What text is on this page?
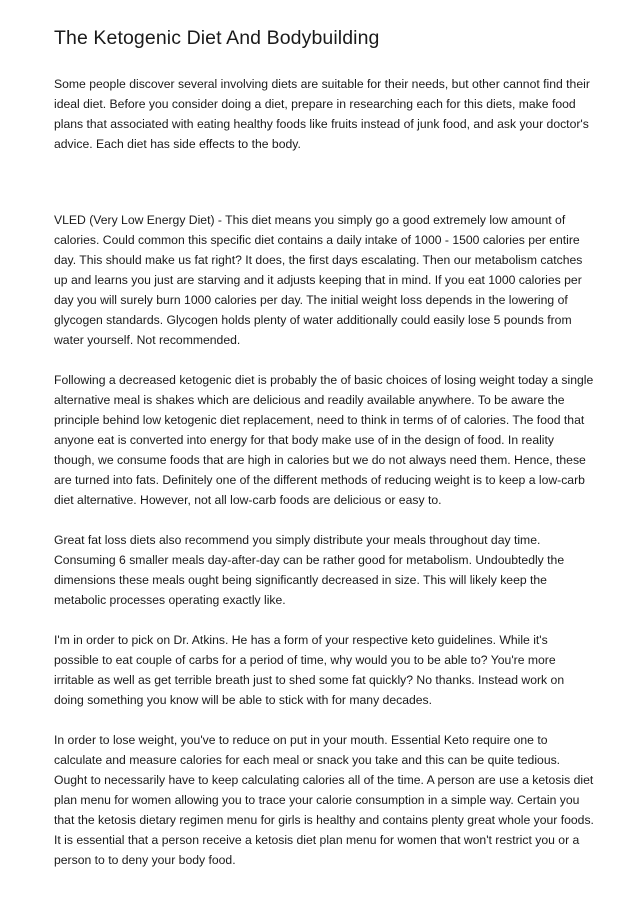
The Ketogenic Diet And Bodybuilding

Some people discover several involving diets are suitable for their needs, but other cannot find their ideal diet. Before you consider doing a diet, prepare in researching each for this diets, make food plans that associated with eating healthy foods like fruits instead of junk food, and ask your doctor's advice. Each diet has side effects to the body.

VLED (Very Low Energy Diet) - This diet means you simply go a good extremely low amount of calories. Could common this specific diet contains a daily intake of 1000 - 1500 calories per entire day. This should make us fat right? It does, the first days escalating. Then our metabolism catches up and learns you just are starving and it adjusts keeping that in mind. If you eat 1000 calories per day you will surely burn 1000 calories per day. The initial weight loss depends in the lowering of glycogen standards. Glycogen holds plenty of water additionally could easily lose 5 pounds from water yourself. Not recommended.

Following a decreased ketogenic diet is probably the of basic choices of losing weight today a single alternative meal is shakes which are delicious and readily available anywhere. To be aware the principle behind low ketogenic diet replacement, need to think in terms of of calories. The food that anyone eat is converted into energy for that body make use of in the design of food. In reality though, we consume foods that are high in calories but we do not always need them. Hence, these are turned into fats. Definitely one of the different methods of reducing weight is to keep a low-carb diet alternative. However, not all low-carb foods are delicious or easy to.

Great fat loss diets also recommend you simply distribute your meals throughout day time. Consuming 6 smaller meals day-after-day can be rather good for metabolism. Undoubtedly the dimensions these meals ought being significantly decreased in size. This will likely keep the metabolic processes operating exactly like.

I'm in order to pick on Dr. Atkins. He has a form of your respective keto guidelines. While it's possible to eat couple of carbs for a period of time, why would you to be able to? You're more irritable as well as get terrible breath just to shed some fat quickly? No thanks. Instead work on doing something you know will be able to stick with for many decades.

In order to lose weight, you've to reduce on put in your mouth. Essential Keto require one to calculate and measure calories for each meal or snack you take and this can be quite tedious. Ought to necessarily have to keep calculating calories all of the time. A person are use a ketosis diet plan menu for women allowing you to trace your calorie consumption in a simple way. Certain you that the ketosis dietary regimen menu for girls is healthy and contains plenty great whole your foods. It is essential that a person receive a ketosis diet plan menu for women that won't restrict you or a person to to deny your body food.
